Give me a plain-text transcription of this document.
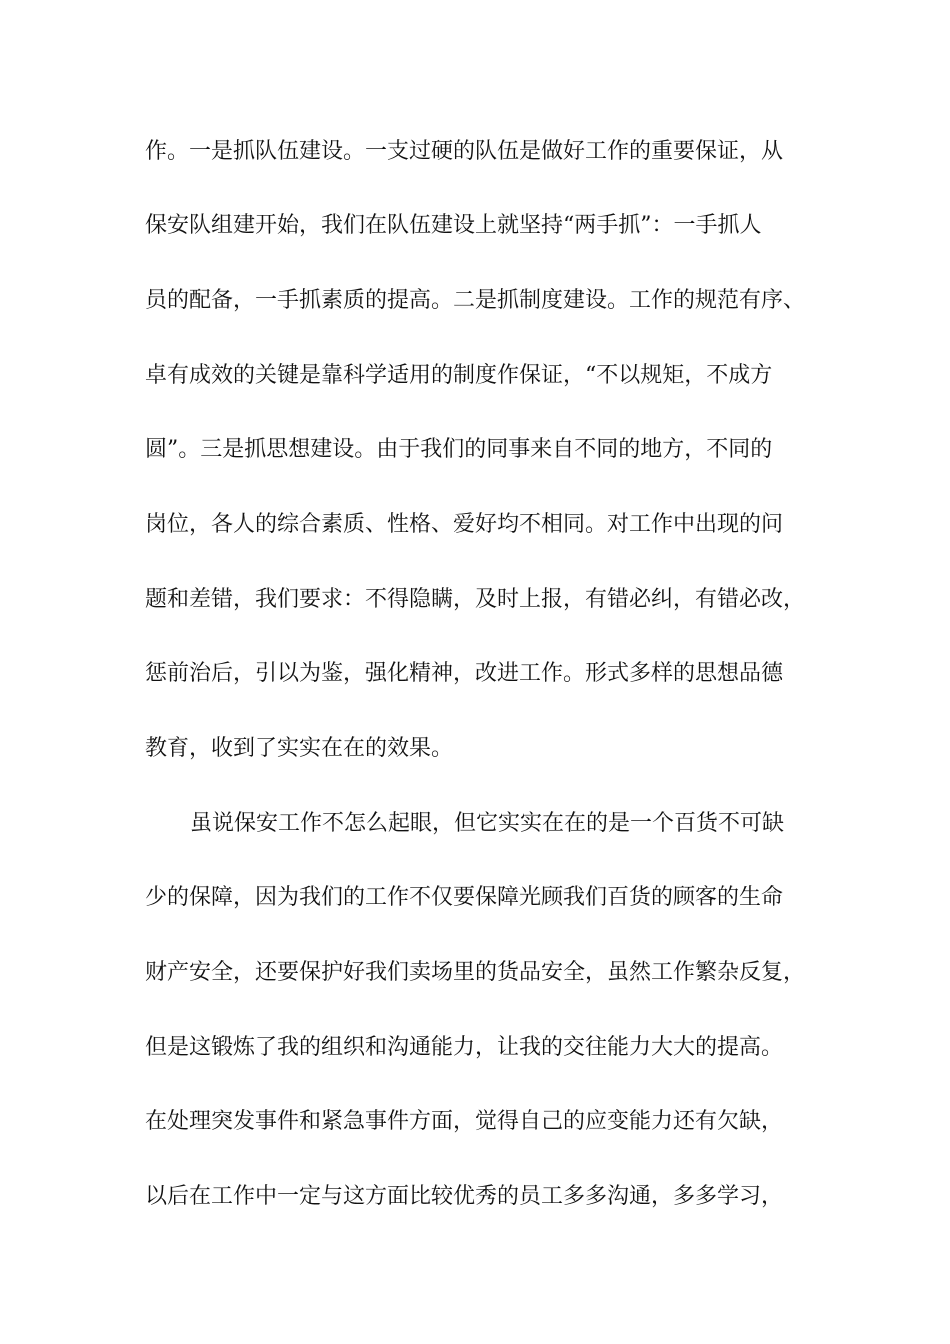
作。一是抓队伍建设。一支过硬的队伍是做好工作的重要保证，从
保安队组建开始，我们在队伍建设上就坚持“两手抓”：一手抓人
员的配备，一手抓素质的提高。二是抓制度建设。工作的规范有序、
卓有成效的关键是靠科学适用的制度作保证，“不以规矩，不成方
圆”。三是抓思想建设。由于我们的同事来自不同的地方，不同的
岗位，各人的综合素质、性格、爱好均不相同。对工作中出现的问
题和差错，我们要求：不得隐瞒，及时上报，有错必纠，有错必改，
惩前治后，引以为鉴，强化精神，改进工作。形式多样的思想品德
教育，收到了实实在在的效果。
虽说保安工作不怎么起眼，但它实实在在的是一个百货不可缺
少的保障，因为我们的工作不仅要保障光顾我们百货的顾客的生命
财产安全，还要保护好我们卖场里的货品安全，虽然工作繁杂反复，
但是这锻炼了我的组织和沟通能力，让我的交往能力大大的提高。
在处理突发事件和紧急事件方面，觉得自己的应变能力还有欠缺，
以后在工作中一定与这方面比较优秀的员工多多沟通，多多学习，
